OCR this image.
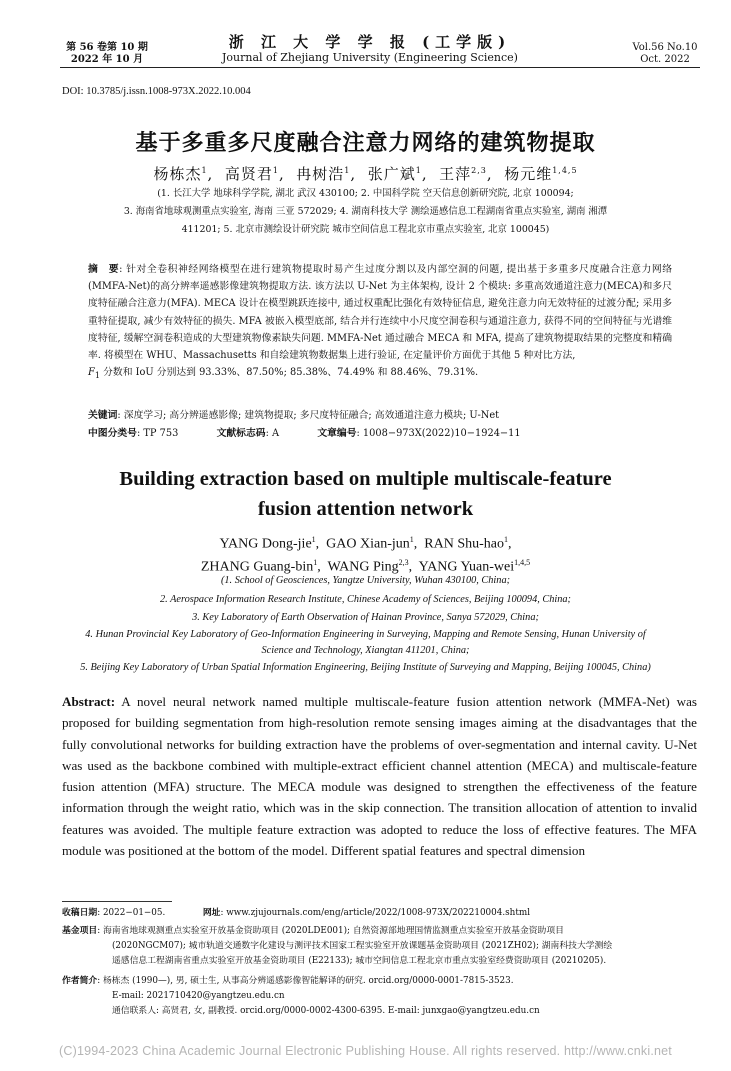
第 56 卷第 10 期
2022 年 10 月
浙 江 大 学 学 报 (工学版)
Journal of Zhejiang University (Engineering Science)
Vol.56 No.10
Oct. 2022
DOI: 10.3785/j.issn.1008-973X.2022.10.004
基于多重多尺度融合注意力网络的建筑物提取
杨栋杰$^1$,  高贤君$^1$,  冉树浩$^1$,  张广斌$^1$,  王萍$^{2,3}$,  杨元维$^{1,4,5}$
(1. 长江大学 地球科学学院, 湖北 武汉 430100; 2. 中国科学院 空天信息创新研究院, 北京 100094;
3. 海南省地球观测重点实验室, 海南 三亚 572029; 4. 湖南科技大学 测绘遥感信息工程湖南省重点实验室, 湖南 湘潭
411201; 5. 北京市测绘设计研究院 城市空间信息工程北京市重点实验室, 北京 100045)
摘　要: 针对全卷积神经网络模型在进行建筑物提取时易产生过度分割以及内部空洞的问题, 提出基于多重多尺度融合注意力网络(MMFA-Net)的高分辨率遥感影像建筑物提取方法. 该方法以 U-Net 为主体架构, 设计 2 个模块: 多重高效通道注意力(MECA)和多尺度特征融合注意力(MFA). MECA 设计在模型跳跃连接中, 通过权重配比强化有效特征信息, 避免注意力向无效特征的过渡分配; 采用多重特征提取, 减少有效特征的损失. MFA 被嵌入模型底部, 结合并行连续中小尺度空洞卷积与通道注意力, 获得不同的空间特征与光谱维度特征, 缓解空洞卷积造成的大型建筑物像素缺失问题. MMFA-Net 通过融合 MECA 和 MFA, 提高了建筑物提取结果的完整度和精确率. 将模型在 WHU、Massachusetts 和自绘建筑物数据集上进行验证, 在定量评价方面优于其他 5 种对比方法,
$F_1$ 分数和 IoU 分别达到 93.33%、87.50%; 85.38%、74.49% 和 88.46%、79.31%.
关键词: 深度学习; 高分辨遥感影像; 建筑物提取; 多尺度特征融合; 高效通道注意力模块; U-Net
中图分类号: TP 753	文献标志码: A	文章编号: 1008−973X(2022)10−1924−11
Building extraction based on multiple multiscale-feature
fusion attention network
YANG Dong-jie$^1$,  GAO Xian-jun$^1$,  RAN Shu-hao$^1$,
ZHANG Guang-bin$^1$,  WANG Ping$^{2,3}$,  YANG Yuan-wei$^{1,4,5}$
(1. School of Geosciences, Yangtze University, Wuhan 430100, China;
2. Aerospace Information Research Institute, Chinese Academy of Sciences, Beijing 100094, China;
3. Key Laboratory of Earth Observation of Hainan Province, Sanya 572029, China;
4. Hunan Provincial Key Laboratory of Geo-Information Engineering in Surveying, Mapping and Remote Sensing, Hunan University of
Science and Technology, Xiangtan 411201, China;
5. Beijing Key Laboratory of Urban Spatial Information Engineering, Beijing Institute of Surveying and Mapping, Beijing 100045, China)
Abstract: A novel neural network named multiple multiscale-feature fusion attention network (MMFA-Net) was proposed for building segmentation from high-resolution remote sensing images aiming at the disadvantages that the fully convolutional networks for building extraction have the problems of over-segmentation and internal cavity. U-Net was used as the backbone combined with multiple-extract efficient channel attention (MECA) and multiscale-feature fusion attention (MFA) structure. The MECA module was designed to strengthen the effectiveness of the feature information through the weight ratio, which was in the skip connection. The transition allocation of attention to invalid features was avoided. The multiple feature extraction was adopted to reduce the loss of effective features. The MFA module was positioned at the bottom of the model. Different spatial features and spectral dimension
收稿日期: 2022−01−05.	网址: www.zjujournals.com/eng/article/2022/1008-973X/202210004.shtml
基金项目: 海南省地球观测重点实验室开放基金资助项目 (2020LDE001); 自然资源部地理国情监测重点实验室开放基金资助项目
(2020NGCM07); 城市轨道交通数字化建设与测评技术国家工程实验室开放课题基金资助项目 (2021ZH02); 湖南科技大学测绘
遥感信息工程湖南省重点实验室开放基金资助项目 (E22133); 城市空间信息工程北京市重点实验室经费资助项目 (20210205).
作者简介: 杨栋杰 (1990—), 男, 硕士生, 从事高分辨遥感影像智能解译的研究. orcid.org/0000-0001-7815-3523.
E-mail: 2021710420@yangtzeu.edu.cn
通信联系人: 高贤君, 女, 副教授. orcid.org/0000-0002-4300-6395. E-mail: junxgao@yangtzeu.edu.cn
(C)1994-2023 China Academic Journal Electronic Publishing House. All rights reserved. http://www.cnki.net
